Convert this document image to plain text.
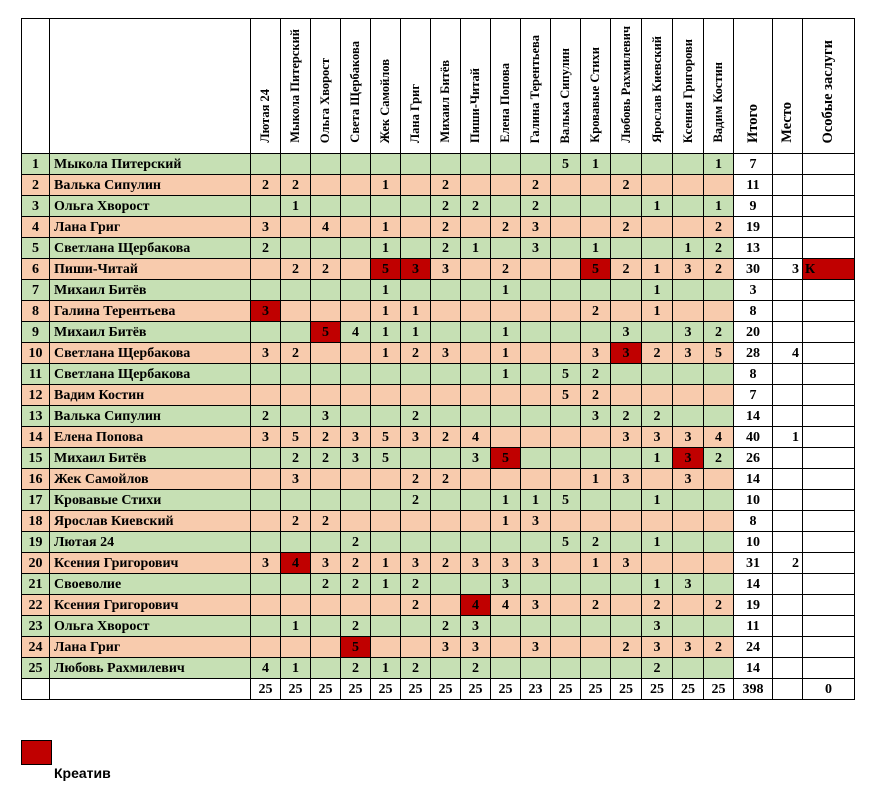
		Лютая 24	Мыкола Питерский	Ольга Хворост	Света Щербакова	Жек Самойлов	Лана Григ	Михаил Битёв	Пиши-Читай	Елена Попова	Галина Терентьева	Валька Сипулин	Кровавые Стихи	Любовь Рахмилевич	Ярослав Киевский	Ксения Григорови	Вадим Костин	Итого	Место	Особые заслуги
1	Мыкола Питерский											5	1				1	7		
2	Валька Сипулин	2	2			1		2			2			2				11		
3	Ольга Хворост		1					2	2		2				1		1	9		
4	Лана Григ	3		4		1		2		2	3			2			2	19		
5	Светлана Щербакова	2				1		2	1		3		1			1	2	13		
6	Пиши-Читай		2	2		5	3	3		2			5	2	1	3	2	30	3	К
7	Михаил Битёв					1				1					1			3		
8	Галина Терентьева	3				1	1						2		1			8		
9	Михаил Битёв			5	4	1	1			1				3		3	2	20		
10	Светлана Щербакова	3	2			1	2	3		1			3	3	2	3	5	28	4	
11	Светлана Щербакова									1		5	2					8		
12	Вадим Костин											5	2					7		
13	Валька Сипулин	2		3			2						3	2	2			14		
14	Елена Попова	3	5	2	3	5	3	2	4					3	3	3	4	40	1	
15	Михаил Битёв		2	2	3	5			3	5					1	3	2	26		
16	Жек Самойлов		3				2	2					1	3		3		14		
17	Кровавые Стихи						2			1	1	5			1			10		
18	Ярослав Киевский		2	2						1	3							8		
19	Лютая 24				2							5	2		1			10		
20	Ксения Григорович	3	4	3	2	1	3	2	3	3	3		1	3				31	2	
21	Своеволие			2	2	1	2			3					1	3		14		
22	Ксения Григорович						2		4	4	3		2		2		2	19		
23	Ольга Хворост		1		2			2	3						3			11		
24	Лана Григ				5			3	3		3			2	3	3	2	24		
25	Любовь Рахмилевич	4	1		2	1	2		2						2			14		
		25	25	25	25	25	25	25	25	25	23	25	25	25	25	25	25	398		0
Креатив
